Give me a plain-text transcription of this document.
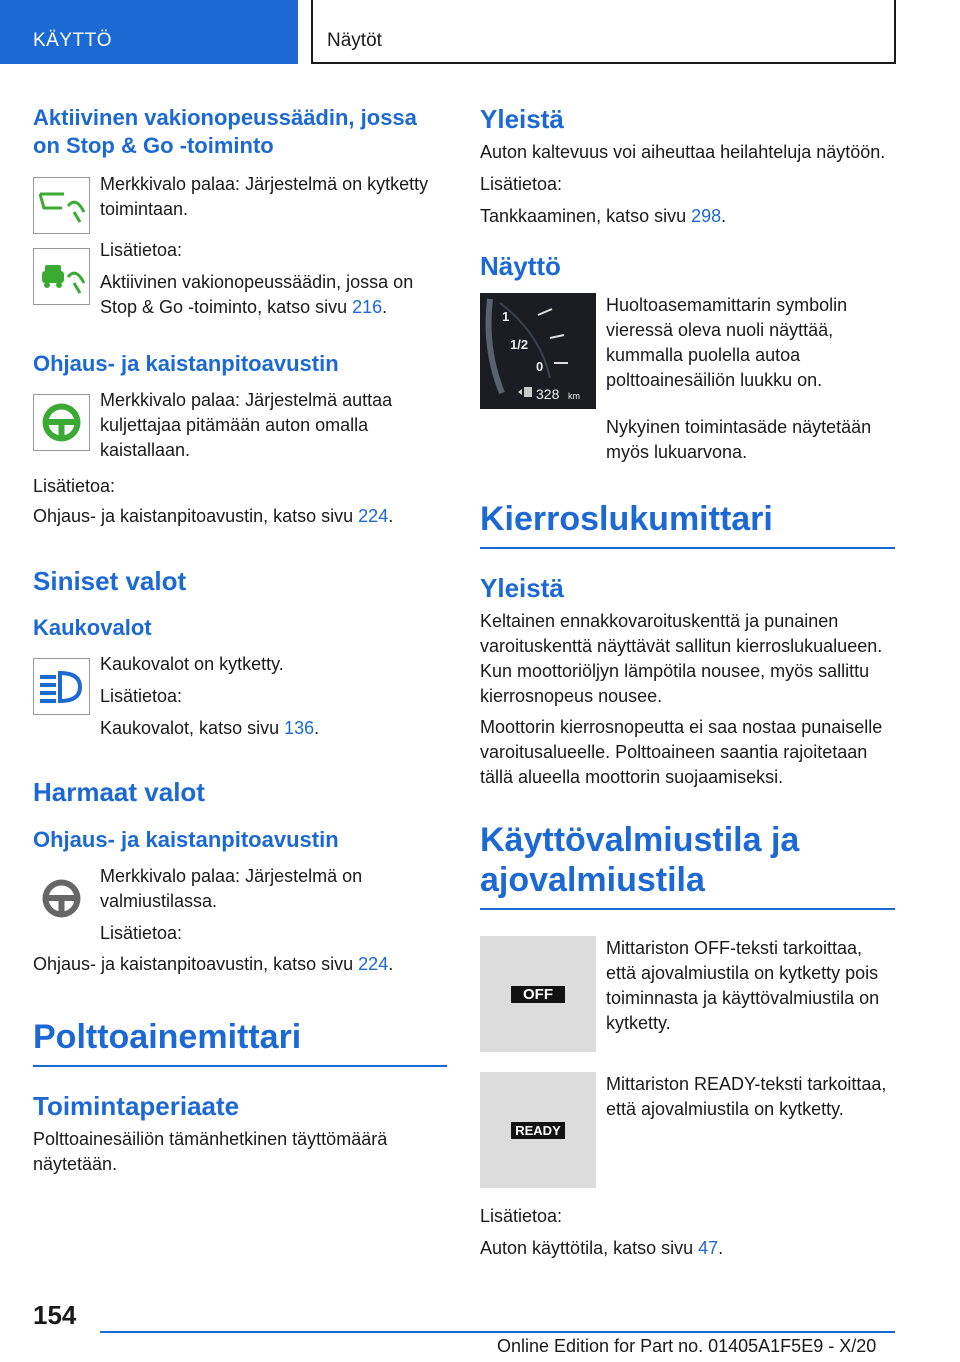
KÄYTTÖ	Näytöt
Aktiivinen vakionopeussäädin, jossa on Stop & Go -toiminto

Merkkivalo palaa: Järjestelmä on kytketty toimintaan.

Lisätietoa:

Aktiivinen vakionopeussäädin, jossa on Stop & Go -toiminto, katso sivu 216.

Ohjaus- ja kaistanpitoavustin

Merkkivalo palaa: Järjestelmä auttaa kuljettajaa pitämään auton omalla kaistallaan.

Lisätietoa:

Ohjaus- ja kaistanpitoavustin, katso sivu 224.

Siniset valot
Kaukovalot

Kaukovalot on kytketty.

Lisätietoa:

Kaukovalot, katso sivu 136.

Harmaat valot
Ohjaus- ja kaistanpitoavustin

Merkkivalo palaa: Järjestelmä on valmiustilassa.

Lisätietoa:

Ohjaus- ja kaistanpitoavustin, katso sivu 224.

Polttoainemittari
Toimintaperiaate

Polttoainesäiliön tämänhetkinen täyttömäärä näytetään.

Yleistä

Auton kaltevuus voi aiheuttaa heilahteluja näytöön.

Lisätietoa:

Tankkaaminen, katso sivu 298.

Näyttö
1
1/2
0
328 km

Huoltoasemamittarin symbolin vieressä oleva nuoli näyttää, kummalla puolella autoa polttoainesäiliön luukku on.

Nykyinen toimintasäde näytetään myös lukuarvona.

Kierroslukumittari
Yleistä

Keltainen ennakkovaroituskenttä ja punainen varoituskenttä näyttävät sallitun kierroslukualueen. Kun moottoriöljyn lämpötila nousee, myös sallittu kierrosnopeus nousee.

Moottorin kierrosnopeutta ei saa nostaa punaiselle varoitusalueelle. Polttoaineen saantia rajoitetaan tällä alueella moottorin suojaamiseksi.

Käyttövalmiustila ja ajovalmiustila
OFF

Mittariston OFF-teksti tarkoittaa, että ajovalmiustila on kytketty pois toiminnasta ja käyttövalmiustila on kytketty.

READY

Mittariston READY-teksti tarkoittaa, että ajovalmiustila on kytketty.

Lisätietoa:

Auton käyttötila, katso sivu 47.

154
Online Edition for Part no. 01405A1F5E9 - X/20
